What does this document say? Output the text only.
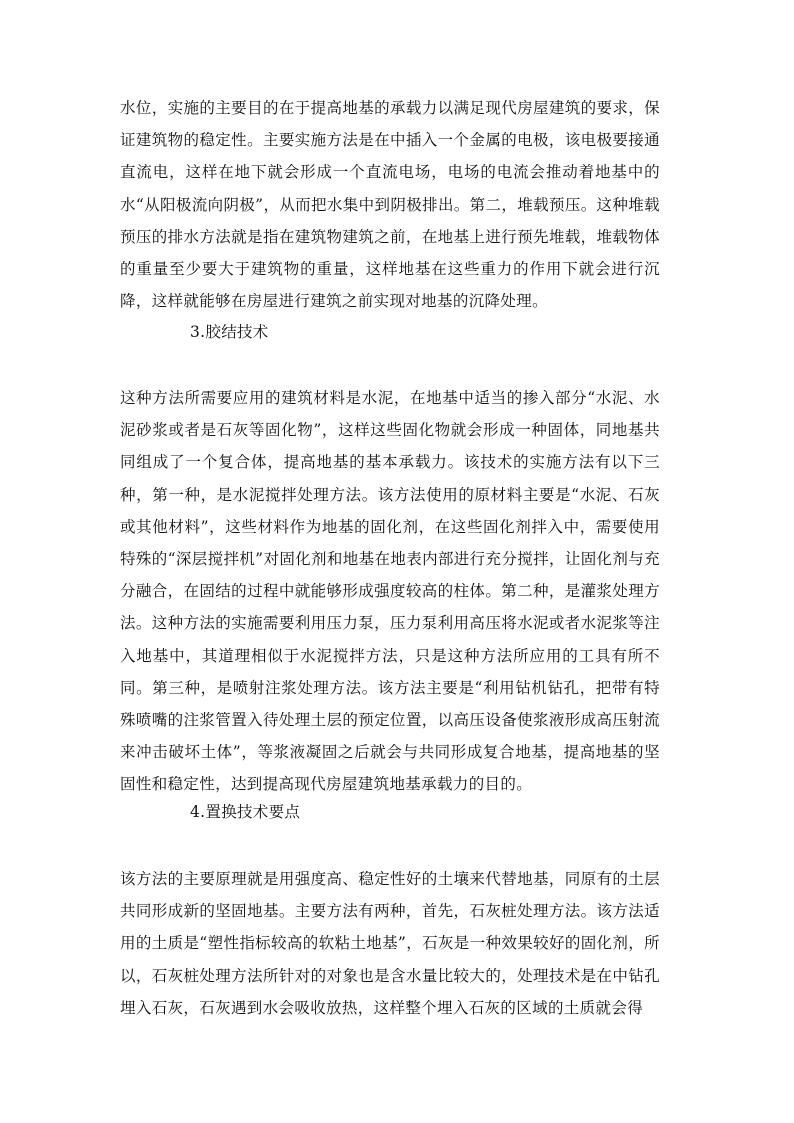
水位，实施的主要目的在于提高地基的承载力以满足现代房屋建筑的要求，保证建筑物的稳定性。主要实施方法是在中插入一个金属的电极，该电极要接通直流电，这样在地下就会形成一个直流电场，电场的电流会推动着地基中的水“从阳极流向阴极”，从而把水集中到阴极排出。第二，堆载预压。这种堆载预压的排水方法就是指在建筑物建筑之前，在地基上进行预先堆载，堆载物体的重量至少要大于建筑物的重量，这样地基在这些重力的作用下就会进行沉降，这样就能够在房屋进行建筑之前实现对地基的沉降处理。

3.胶结技术

这种方法所需要应用的建筑材料是水泥，在地基中适当的掺入部分“水泥、水泥砂浆或者是石灰等固化物”，这样这些固化物就会形成一种固体，同地基共同组成了一个复合体，提高地基的基本承载力。该技术的实施方法有以下三种，第一种，是水泥搅拌处理方法。该方法使用的原材料主要是“水泥、石灰或其他材料”，这些材料作为地基的固化剂，在这些固化剂拌入中，需要使用特殊的“深层搅拌机”对固化剂和地基在地表内部进行充分搅拌，让固化剂与充分融合，在固结的过程中就能够形成强度较高的柱体。第二种，是灌浆处理方法。这种方法的实施需要利用压力泵，压力泵利用高压将水泥或者水泥浆等注入地基中，其道理相似于水泥搅拌方法，只是这种方法所应用的工具有所不同。第三种，是喷射注浆处理方法。该方法主要是“利用钻机钻孔，把带有特殊喷嘴的注浆管置入待处理土层的预定位置，以高压设备使浆液形成高压射流来冲击破坏土体”，等浆液凝固之后就会与共同形成复合地基，提高地基的坚固性和稳定性，达到提高现代房屋建筑地基承载力的目的。

4.置换技术要点

该方法的主要原理就是用强度高、稳定性好的土壤来代替地基，同原有的土层共同形成新的坚固地基。主要方法有两种，首先，石灰桩处理方法。该方法适用的土质是“塑性指标较高的软粘土地基”，石灰是一种效果较好的固化剂，所以，石灰桩处理方法所针对的对象也是含水量比较大的，处理技术是在中钻孔埋入石灰，石灰遇到水会吸收放热，这样整个埋入石灰的区域的土质就会得
